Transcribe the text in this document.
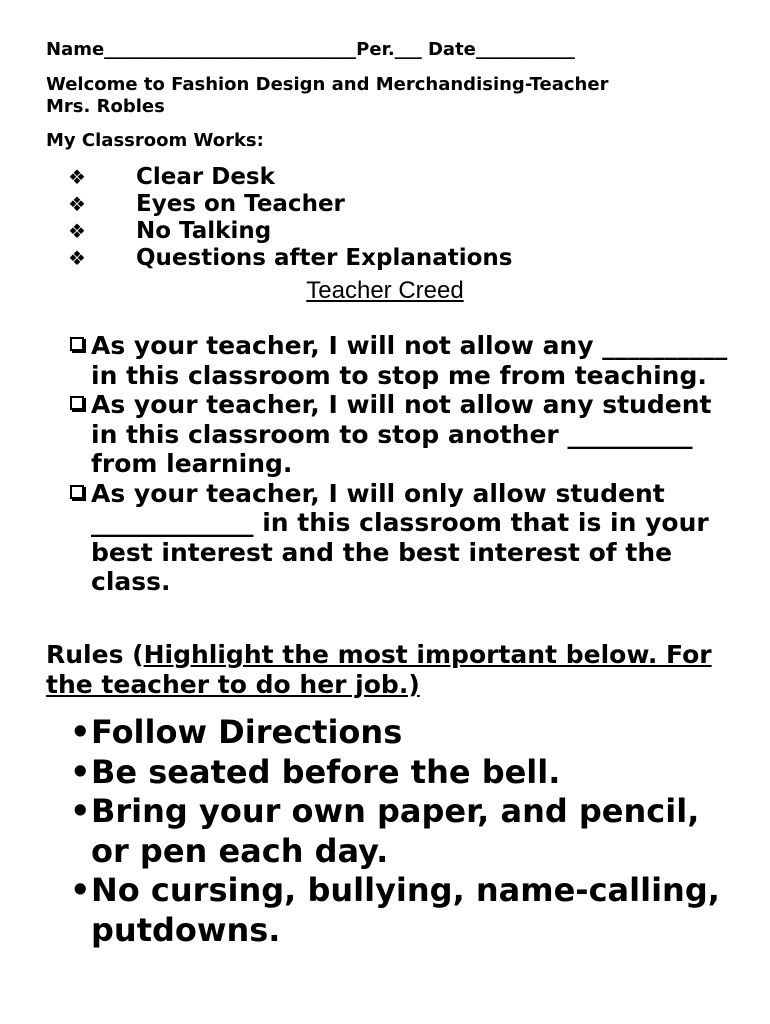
Name____________________________Per.___ Date___________
Welcome to Fashion Design and Merchandising-Teacher
Mrs. Robles
My Classroom Works:
❖ Clear Desk
❖ Eyes on Teacher
❖ No Talking
❖ Questions after Explanations
Teacher Creed
As your teacher, I will not allow any __________ in this classroom to stop me from teaching.
As your teacher, I will not allow any student in this classroom to stop another __________ from learning.
As your teacher, I will only allow student _____________ in this classroom that is in your best interest and the best interest of the class.
Rules (Highlight the most important below. For the teacher to do her job.)
• Follow Directions
• Be seated before the bell.
• Bring your own paper, and pencil, or pen each day.
• No cursing, bullying, name-calling, putdowns.
